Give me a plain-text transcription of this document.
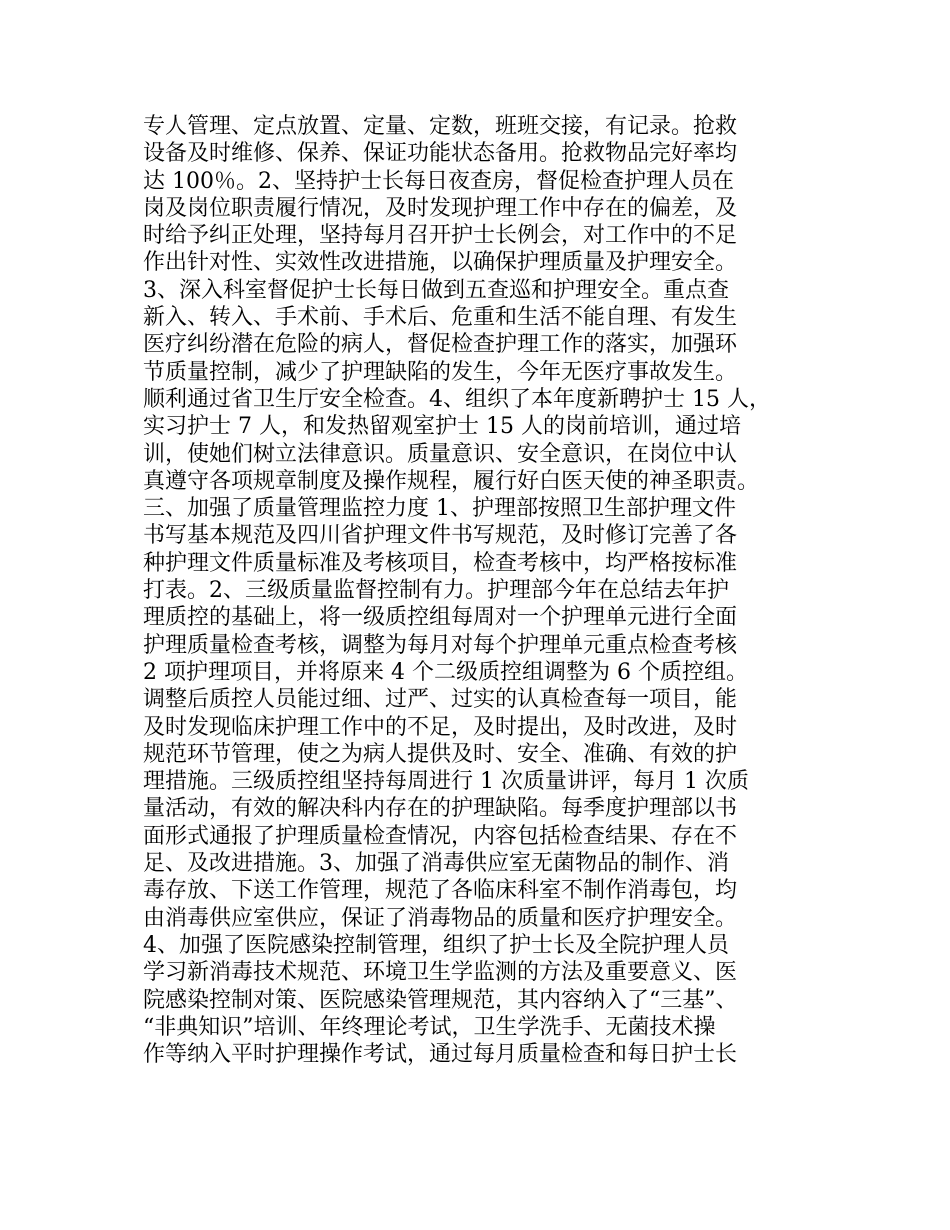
专人管理、定点放置、定量、定数，班班交接，有记录。抢救
设备及时维修、保养、保证功能状态备用。抢救物品完好率均
达 100％。2、坚持护士长每日夜查房，督促检查护理人员在
岗及岗位职责履行情况，及时发现护理工作中存在的偏差，及
时给予纠正处理，坚持每月召开护士长例会，对工作中的不足
作出针对性、实效性改进措施，以确保护理质量及护理安全。
3、深入科室督促护士长每日做到五查巡和护理安全。重点查
新入、转入、手术前、手术后、危重和生活不能自理、有发生
医疗纠纷潜在危险的病人，督促检查护理工作的落实，加强环
节质量控制，减少了护理缺陷的发生，今年无医疗事故发生。
顺利通过省卫生厅安全检查。4、组织了本年度新聘护士 15 人，
实习护士 7 人，和发热留观室护士 15 人的岗前培训，通过培
训，使她们树立法律意识。质量意识、安全意识，在岗位中认
真遵守各项规章制度及操作规程，履行好白医天使的神圣职责。
三、加强了质量管理监控力度 1、护理部按照卫生部护理文件
书写基本规范及四川省护理文件书写规范，及时修订完善了各
种护理文件质量标准及考核项目，检查考核中，均严格按标准
打表。2、三级质量监督控制有力。护理部今年在总结去年护
理质控的基础上，将一级质控组每周对一个护理单元进行全面
护理质量检查考核，调整为每月对每个护理单元重点检查考核
2 项护理项目，并将原来 4 个二级质控组调整为 6 个质控组。
调整后质控人员能过细、过严、过实的认真检查每一项目，能
及时发现临床护理工作中的不足，及时提出，及时改进，及时
规范环节管理，使之为病人提供及时、安全、准确、有效的护
理措施。三级质控组坚持每周进行 1 次质量讲评，每月 1 次质
量活动，有效的解决科内存在的护理缺陷。每季度护理部以书
面形式通报了护理质量检查情况，内容包括检查结果、存在不
足、及改进措施。3、加强了消毒供应室无菌物品的制作、消
毒存放、下送工作管理，规范了各临床科室不制作消毒包，均
由消毒供应室供应，保证了消毒物品的质量和医疗护理安全。
4、加强了医院感染控制管理，组织了护士长及全院护理人员
学习新消毒技术规范、环境卫生学监测的方法及重要意义、医
院感染控制对策、医院感染管理规范，其内容纳入了“三基”、
“非典知识”培训、年终理论考试，卫生学洗手、无菌技术操
作等纳入平时护理操作考试，通过每月质量检查和每日护士长
